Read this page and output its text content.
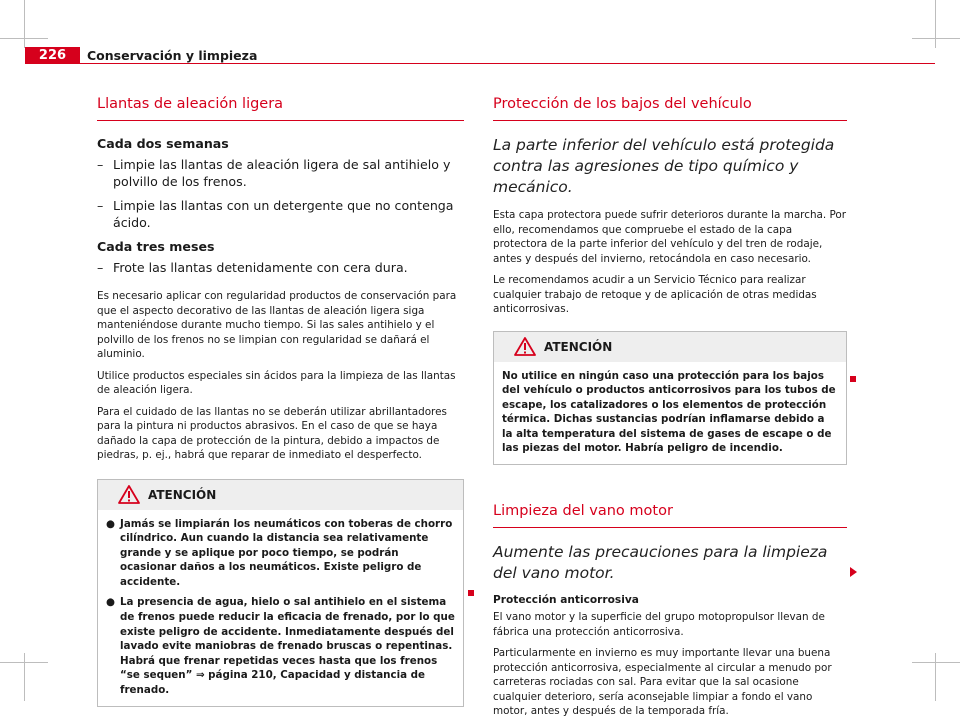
226	Conservación y limpieza
Llantas de aleación ligera
Cada dos semanas
– Limpie las llantas de aleación ligera de sal antihielo y polvillo de los frenos.
– Limpie las llantas con un detergente que no contenga ácido.
Cada tres meses
– Frote las llantas detenidamente con cera dura.

Es necesario aplicar con regularidad productos de conservación para que el aspecto decorativo de las llantas de aleación ligera siga manteniéndose durante mucho tiempo. Si las sales antihielo y el polvillo de los frenos no se limpian con regularidad se dañará el aluminio.

Utilice productos especiales sin ácidos para la limpieza de las llantas de aleación ligera.

Para el cuidado de las llantas no se deberán utilizar abrillantadores para la pintura ni productos abrasivos. En el caso de que se haya dañado la capa de protección de la pintura, debido a impactos de piedras, p. ej., habrá que reparar de inmediato el desperfecto.

ATENCIÓN
● Jamás se limpiarán los neumáticos con toberas de chorro cilíndrico. Aun cuando la distancia sea relativamente grande y se aplique por poco tiempo, se podrán ocasionar daños a los neumáticos. Existe peligro de accidente.
● La presencia de agua, hielo o sal antihielo en el sistema de frenos puede reducir la eficacia de frenado, por lo que existe peligro de accidente. Inmediatamente después del lavado evite maniobras de frenado bruscas o repentinas. Habrá que frenar repetidas veces hasta que los frenos “se sequen” ⇒ página 210, Capacidad y distancia de frenado.
Protección de los bajos del vehículo
La parte inferior del vehículo está protegida contra las agresiones de tipo químico y mecánico.

Esta capa protectora puede sufrir deterioros durante la marcha. Por ello, recomendamos que compruebe el estado de la capa protectora de la parte inferior del vehículo y del tren de rodaje, antes y después del invierno, retocándola en caso necesario.

Le recomendamos acudir a un Servicio Técnico para realizar cualquier trabajo de retoque y de aplicación de otras medidas anticorrosivas.

ATENCIÓN
No utilice en ningún caso una protección para los bajos del vehículo o productos anticorrosivos para los tubos de escape, los catalizadores o los elementos de protección térmica. Dichas sustancias podrían inflamarse debido a la alta temperatura del sistema de gases de escape o de las piezas del motor. Habría peligro de incendio.
Limpieza del vano motor
Aumente las precauciones para la limpieza del vano motor.
Protección anticorrosiva

El vano motor y la superficie del grupo motopropulsor llevan de fábrica una protección anticorrosiva.

Particularmente en invierno es muy importante llevar una buena protección anticorrosiva, especialmente al circular a menudo por carreteras rociadas con sal. Para evitar que la sal ocasione cualquier deterioro, sería aconsejable limpiar a fondo el vano motor, antes y después de la temporada fría.
